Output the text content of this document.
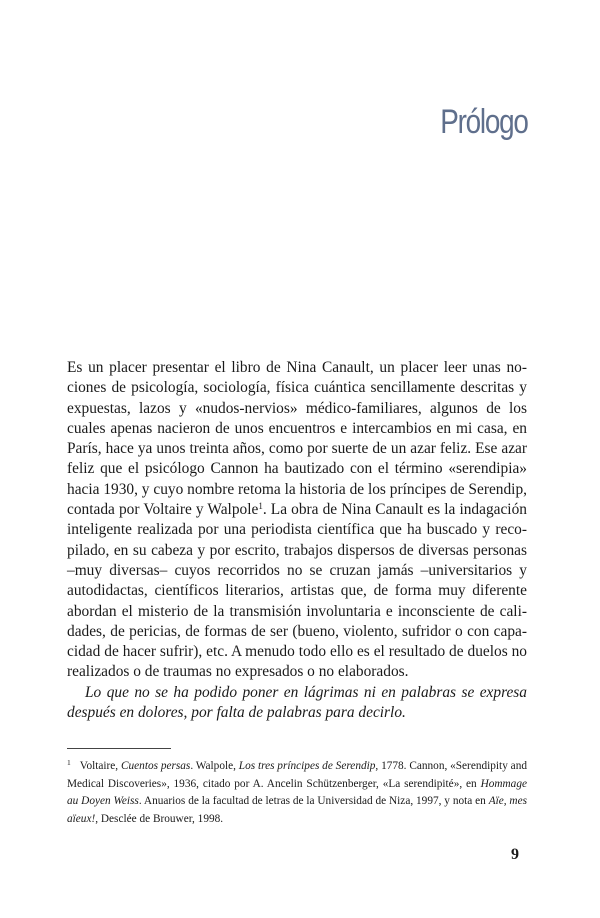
Prólogo

Es un placer presentar el libro de Nina Canault, un placer leer unas nociones de psicología, sociología, física cuántica sencillamente descritas y expuestas, lazos y «nudos-nervios» médico-familiares, algunos de los cuales apenas nacieron de unos encuentros e intercambios en mi casa, en París, hace ya unos treinta años, como por suerte de un azar feliz. Ese azar feliz que el psicólogo Cannon ha bautizado con el término «serendipia» hacia 1930, y cuyo nombre retoma la historia de los príncipes de Serendip, contada por Voltaire y Walpole$^1$. La obra de Nina Canault es la indagación inteligente realizada por una periodista científica que ha buscado y recopilado, en su cabeza y por escrito, trabajos dispersos de diversas personas –muy diversas– cuyos recorridos no se cruzan jamás –universitarios y autodidactas, científicos literarios, artistas que, de forma muy diferente abordan el misterio de la transmisión involuntaria e inconsciente de calidades, de pericias, de formas de ser (bueno, violento, sufridor o con capacidad de hacer sufrir), etc. A menudo todo ello es el resultado de duelos no realizados o de traumas no expresados o no elaborados.

Lo que no se ha podido poner en lágrimas ni en palabras se expresa después en dolores, por falta de palabras para decirlo.

$^1$ Voltaire, Cuentos persas. Walpole, Los tres príncipes de Serendip, 1778. Cannon, «Serendipity and Medical Discoveries», 1936, citado por A. Ancelin Schützenberger, «La serendipité», en Hommage au Doyen Weiss. Anuarios de la facultad de letras de la Universidad de Niza, 1997, y nota en Aïe, mes aïeux!, Desclée de Brouwer, 1998.

9
